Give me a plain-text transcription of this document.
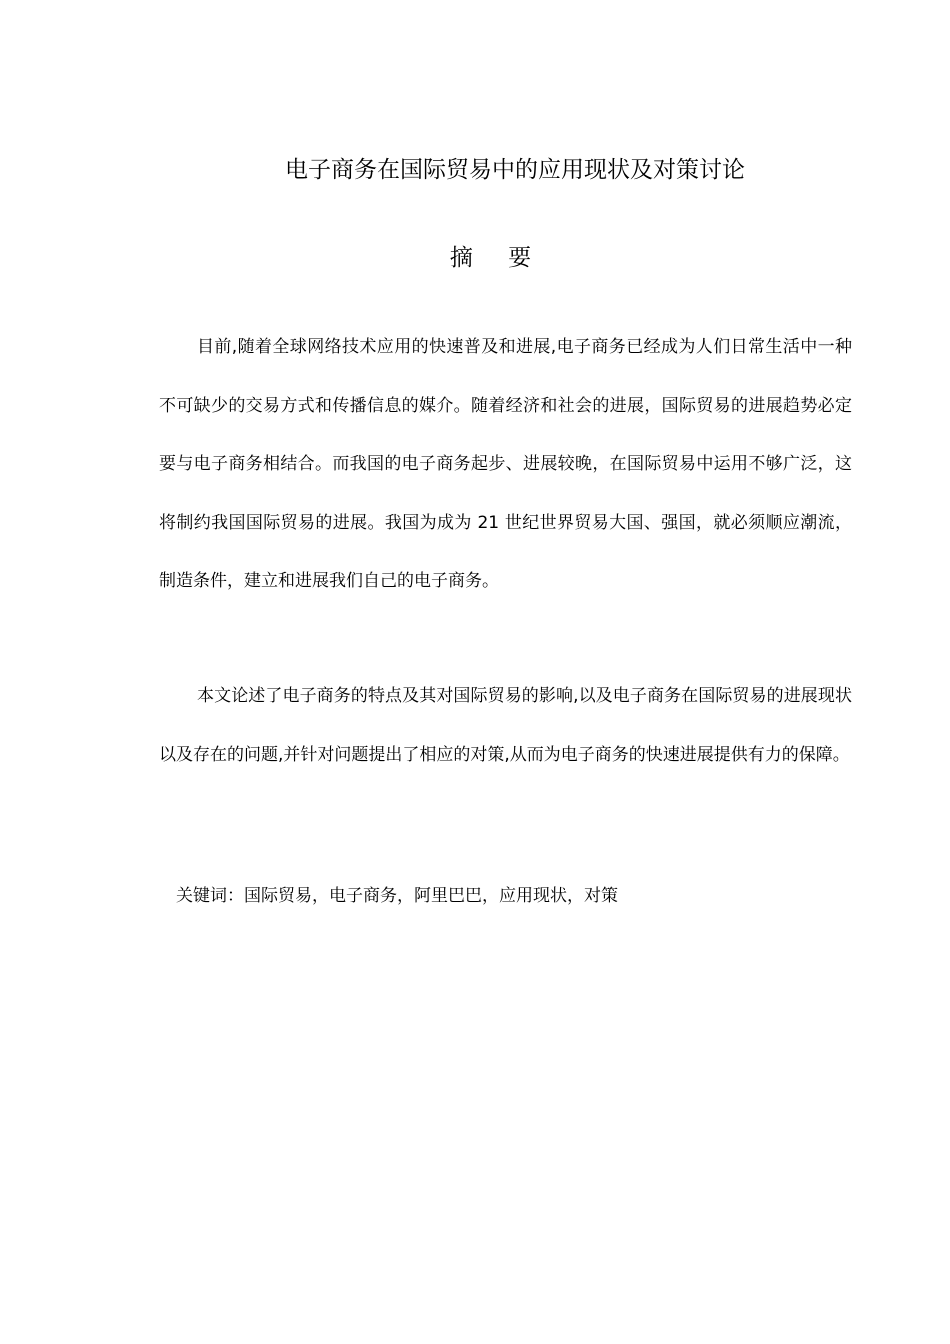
电子商务在国际贸易中的应用现状及对策讨论
摘 要

目前,随着全球网络技术应用的快速普及和进展,电子商务已经成为人们日常生活中一种不可缺少的交易方式和传播信息的媒介。随着经济和社会的进展，国际贸易的进展趋势必定要与电子商务相结合。而我国的电子商务起步、进展较晚，在国际贸易中运用不够广泛，这将制约我国国际贸易的进展。我国为成为 21 世纪世界贸易大国、强国，就必须顺应潮流，制造条件，建立和进展我们自己的电子商务。

本文论述了电子商务的特点及其对国际贸易的影响,以及电子商务在国际贸易的进展现状以及存在的问题,并针对问题提出了相应的对策,从而为电子商务的快速进展提供有力的保障。

关键词：国际贸易，电子商务，阿里巴巴，应用现状，对策
